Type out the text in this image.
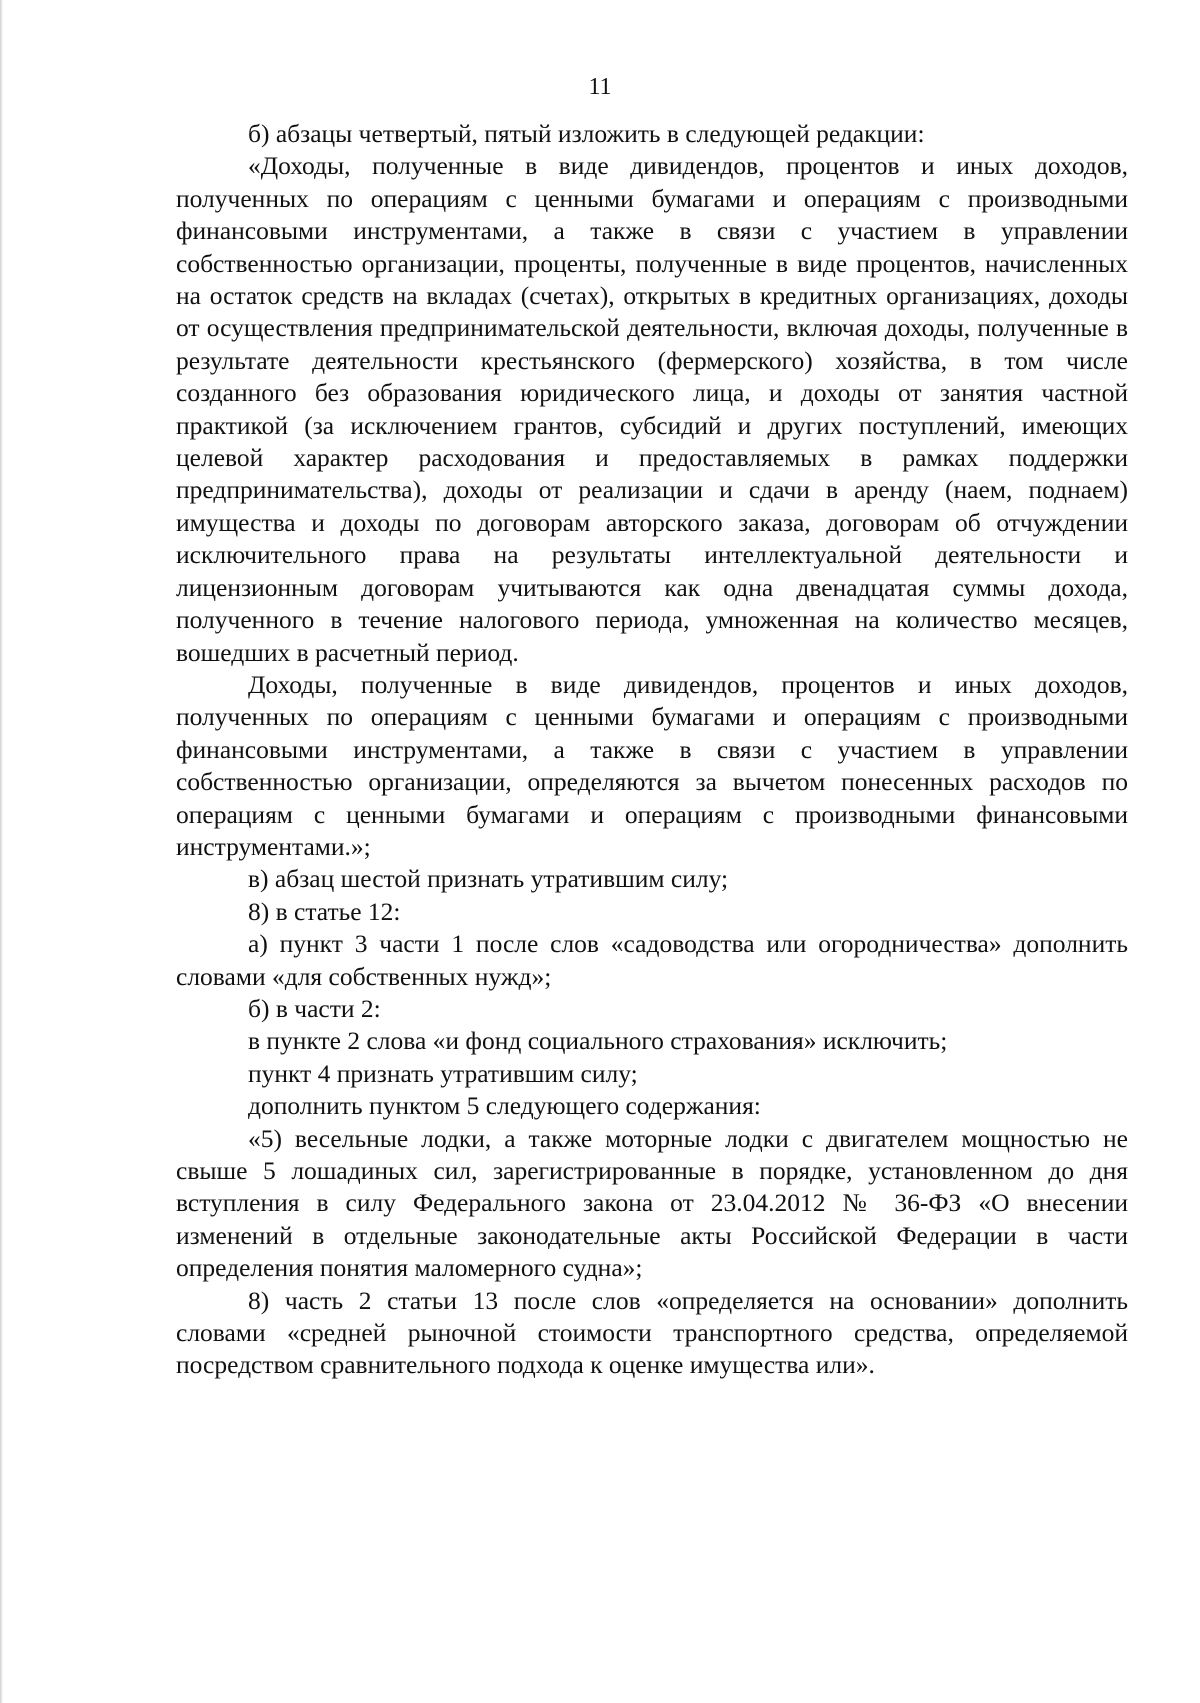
11

б) абзацы четвертый, пятый изложить в следующей редакции:

«Доходы, полученные в виде дивидендов, процентов и иных доходов, полученных по операциям с ценными бумагами и операциям с производными финансовыми инструментами, а также в связи с участием в управлении собственностью организации, проценты, полученные в виде процентов, начисленных на остаток средств на вкладах (счетах), открытых в кредитных организациях, доходы от осуществления предпринимательской деятельности, включая доходы, полученные в результате деятельности крестьянского (фермерского) хозяйства, в том числе созданного без образования юридического лица, и доходы от занятия частной практикой (за исключением грантов, субсидий и других поступлений, имеющих целевой характер расходования и предоставляемых в рамках поддержки предпринимательства), доходы от реализации и сдачи в аренду (наем, поднаем) имущества и доходы по договорам авторского заказа, договорам об отчуждении исключительного права на результаты интеллектуальной деятельности и лицензионным договорам учитываются как одна двенадцатая суммы дохода, полученного в течение налогового периода, умноженная на количество месяцев, вошедших в расчетный период.

Доходы, полученные в виде дивидендов, процентов и иных доходов, полученных по операциям с ценными бумагами и операциям с производными финансовыми инструментами, а также в связи с участием в управлении собственностью организации, определяются за вычетом понесенных расходов по операциям с ценными бумагами и операциям с производными финансовыми инструментами.»;

в) абзац шестой признать утратившим силу;

8) в статье 12:

а) пункт 3 части 1 после слов «садоводства или огородничества» дополнить словами «для собственных нужд»;

б) в части 2:

в пункте 2 слова «и фонд социального страхования» исключить;

пункт 4 признать утратившим силу;

дополнить пунктом 5 следующего содержания:

«5) весельные лодки, а также моторные лодки с двигателем мощностью не свыше 5 лошадиных сил, зарегистрированные в порядке, установленном до дня вступления в силу Федерального закона от 23.04.2012 № 36-ФЗ «О внесении изменений в отдельные законодательные акты Российской Федерации в части определения понятия маломерного судна»;

8) часть 2 статьи 13 после слов «определяется на основании» дополнить словами «средней рыночной стоимости транспортного средства, определяемой посредством сравнительного подхода к оценке имущества или».
